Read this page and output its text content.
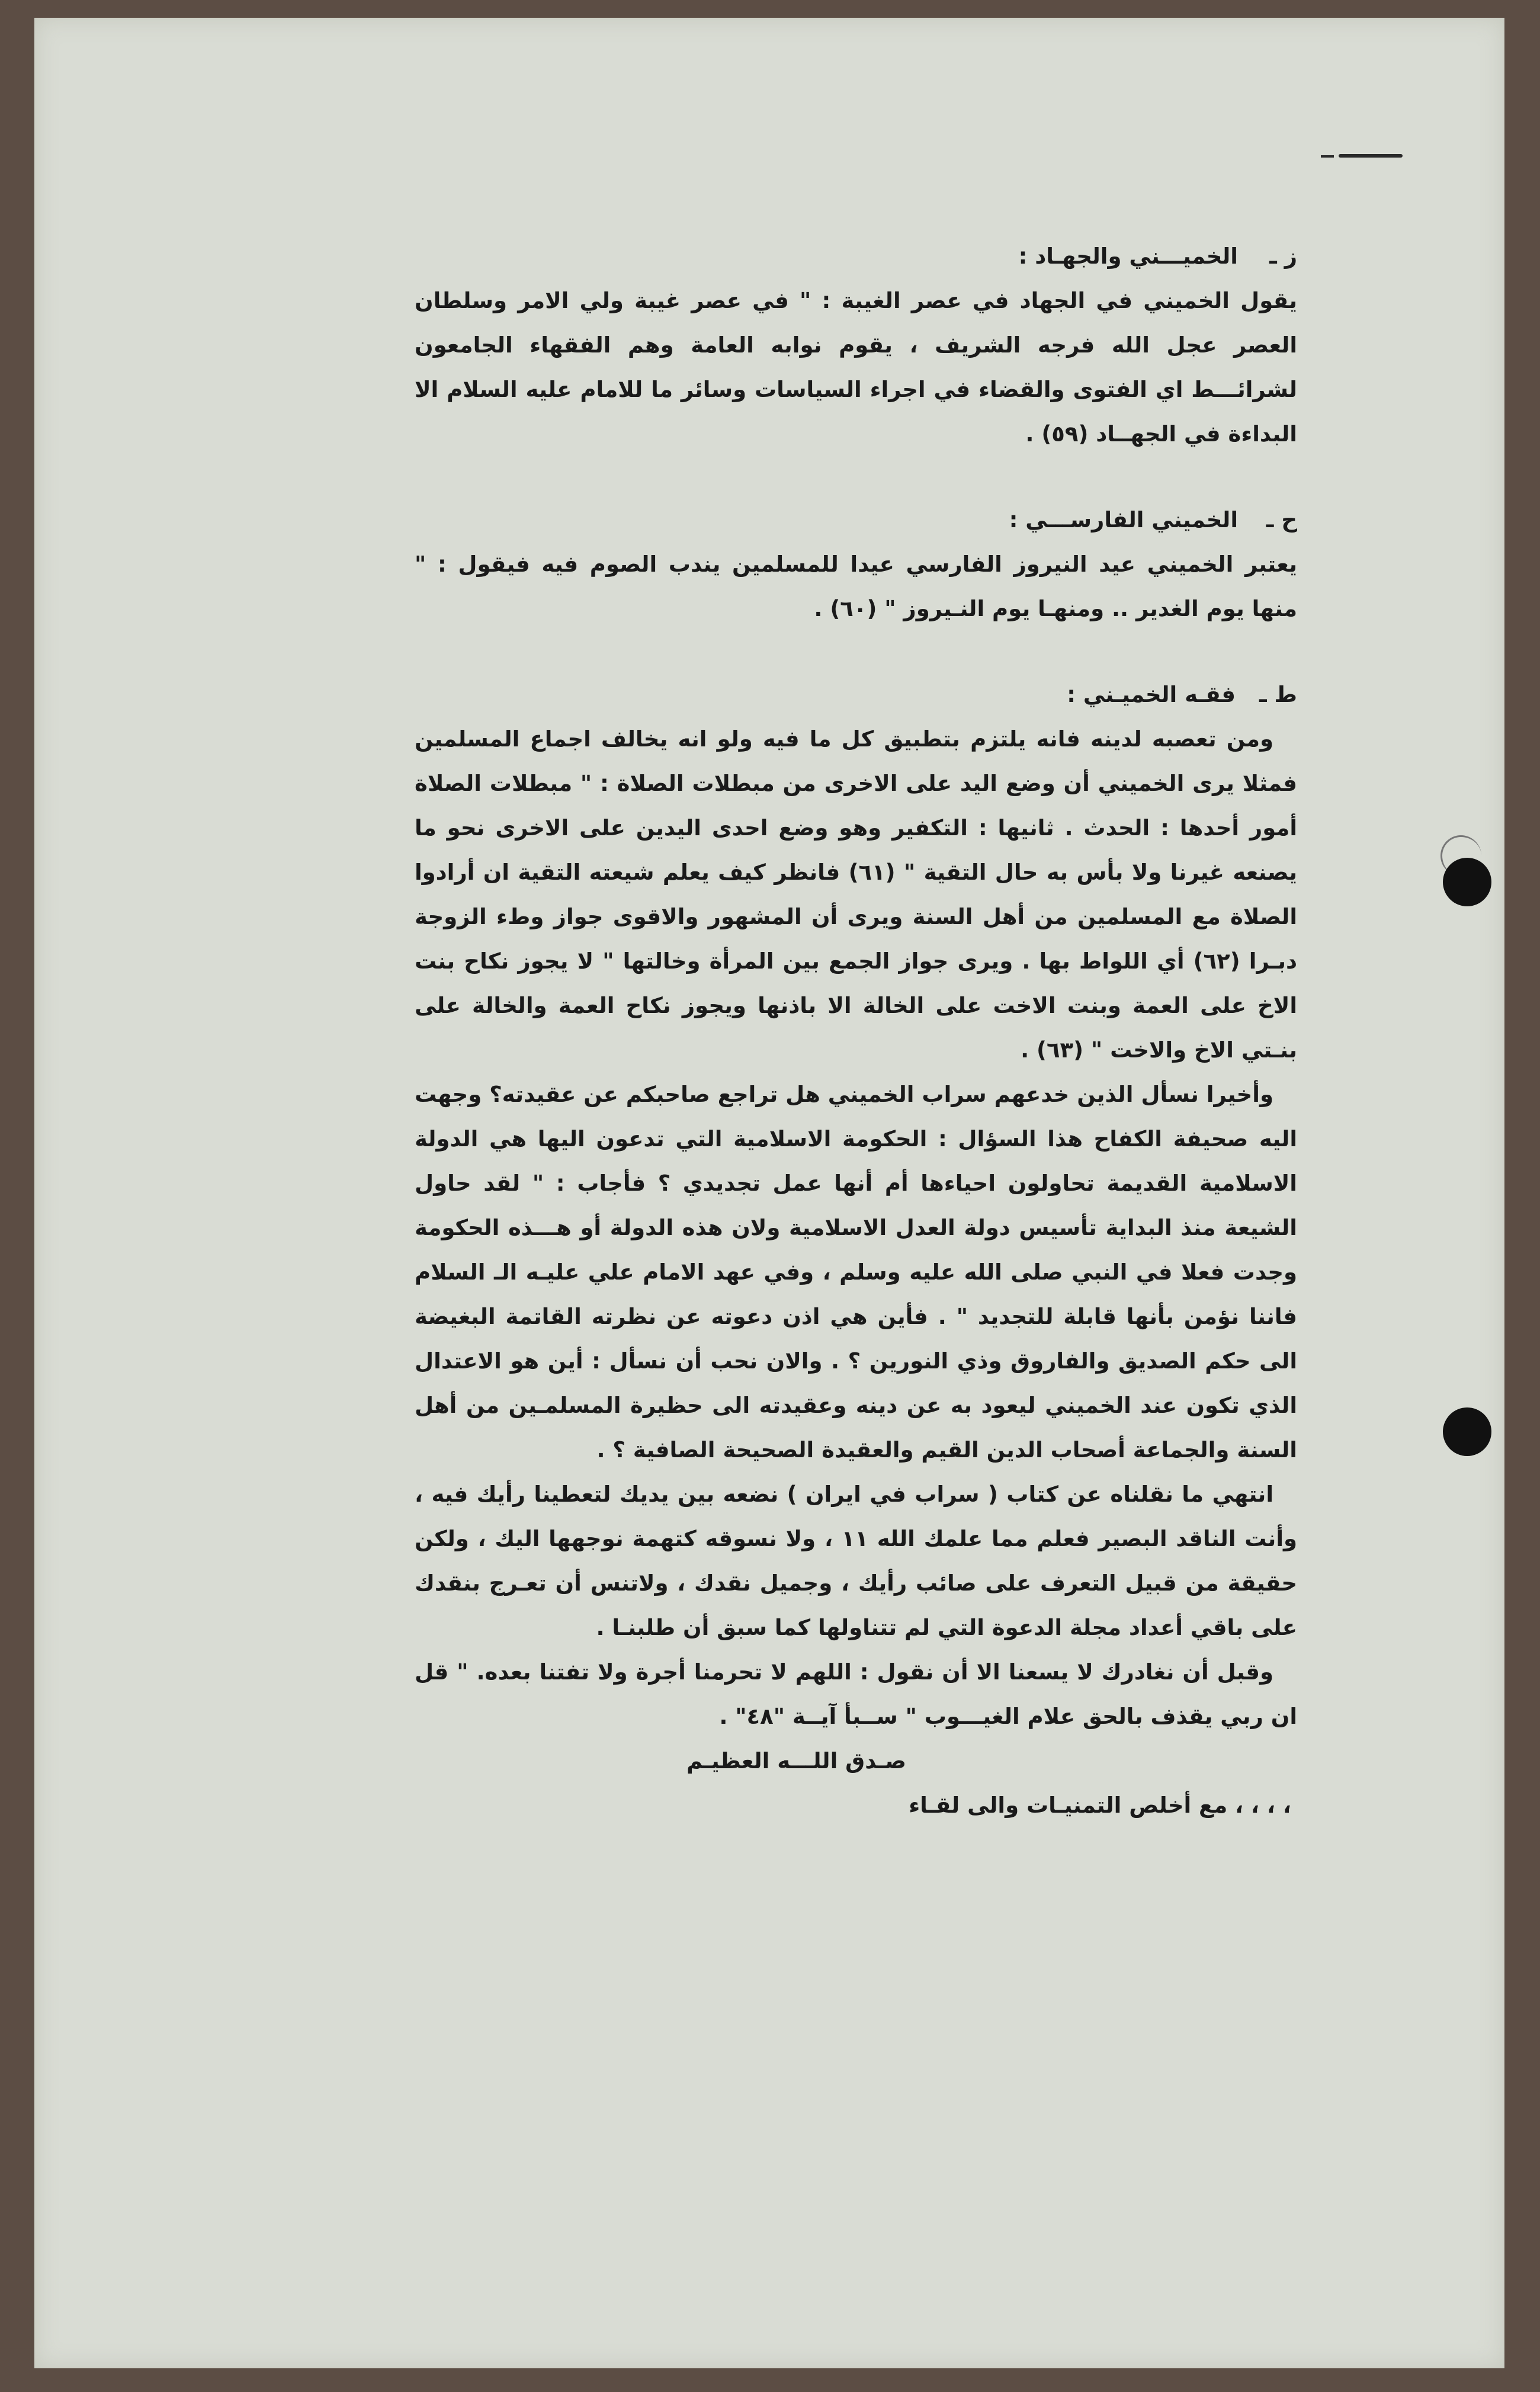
ز ـ
الخميـــني والجهـاد :

يقول الخميني في الجهاد في عصر الغيبة : " في عصر غيبة ولي الامر وسلطان العصر عجل الله فرجه الشريف ، يقوم نوابه العامة وهم الفقهاء الجامعون لشرائـــط اي الفتوى والقضاء في اجراء السياسات وسائر ما للامام عليه السلام الا البداءة في الجهــاد (٥٩) .

ح ـ
الخميني الفارســـي :

يعتبر الخميني عيد النيروز الفارسي عيدا للمسلمين يندب الصوم فيه فيقول : " منها يوم الغدير .. ومنهـا يوم النـيروز " (٦٠) .

ط ـ
فقـه الخميـني :

ومن تعصبه لدينه فانه يلتزم بتطبيق كل ما فيه ولو انه يخالف اجماع المسلمين فمثلا يرى الخميني أن وضع اليد على الاخرى من مبطلات الصلاة : " مبطلات الصلاة أمور أحدها : الحدث . ثانيها : التكفير وهو وضع احدى اليدين على الاخرى نحو ما يصنعه غيرنا ولا بأس به حال التقية " (٦١) فانظر كيف يعلم شيعته التقية ان أرادوا الصلاة مع المسلمين من أهل السنة ويرى أن المشهور والاقوى جواز وطء الزوجة دبـرا (٦٢) أي اللواط بها . ويرى جواز الجمع بين المرأة وخالتها " لا يجوز نكاح بنت الاخ على العمة وبنت الاخت على الخالة الا باذنها ويجوز نكاح العمة والخالة على بنـتي الاخ والاخت " (٦٣) .

وأخيرا نسأل الذين خدعهم سراب الخميني هل تراجع صاحبكم عن عقيدته؟ وجهت اليه صحيفة الكفاح هذا السؤال : الحكومة الاسلامية التي تدعون اليها هي الدولة الاسلامية القديمة تحاولون احياءها أم أنها عمل تجديدي ؟ فأجاب : " لقد حاول الشيعة منذ البداية تأسيس دولة العدل الاسلامية ولان هذه الدولة أو هـــذه الحكومة وجدت فعلا في النبي صلى الله عليه وسلم ، وفي عهد الامام علي عليـه الـ السلام فاننا نؤمن بأنها قابلة للتجديد " . فأين هي اذن دعوته عن نظرته القاتمة البغيضة الى حكم الصديق والفاروق وذي النورين ؟ . والان نحب أن نسأل : أين هو الاعتدال الذي تكون عند الخميني ليعود به عن دينه وعقيدته الى حظيرة المسلمـين من أهل السنة والجماعة أصحاب الدين القيم والعقيدة الصحيحة الصافية ؟ .

انتهي ما نقلناه عن كتاب ( سراب في ايران ) نضعه بين يديك لتعطينا رأيك فيه ، وأنت الناقد البصير فعلم مما علمك الله ١١ ، ولا نسوقه كتهمة نوجهها اليك ، ولكن حقيقة من قبيل التعرف على صائب رأيك ، وجميل نقدك ، ولاتنس أن تعـرج بنقدك على باقي أعداد مجلة الدعوة التي لم تتناولها كما سبق أن طلبنـا .

وقبل أن نغادرك لا يسعنا الا أن نقول : اللهم لا تحرمنا أجرة ولا تفتنا بعده. " قل ان ربي يقذف بالحق علام الغيـــوب " ســبأ آيــة "٤٨" .

صـدق اللـــه العظيـم

، ، ، ، مع أخلص التمنيـات والى لقـاء
